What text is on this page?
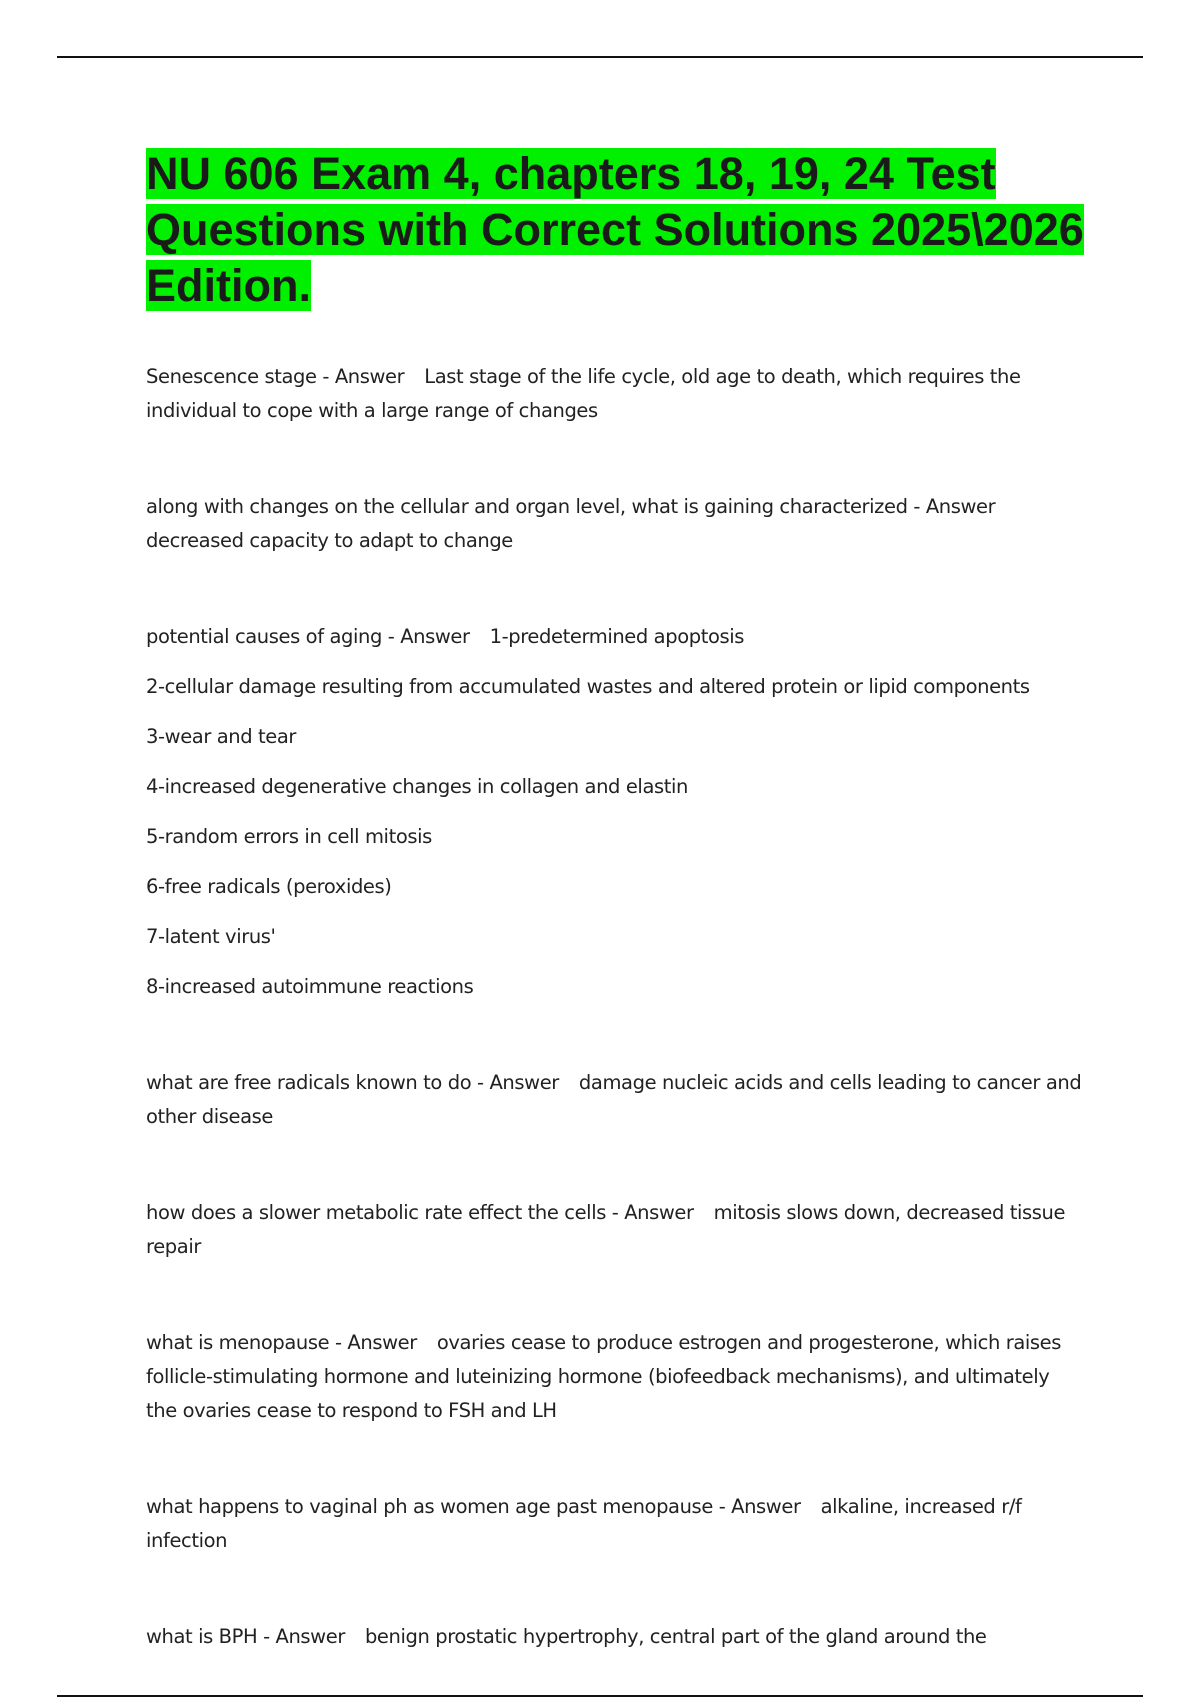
NU 606 Exam 4, chapters 18, 19, 24 Test Questions with Correct Solutions 2025\2026 Edition.

Senescence stage - Answer Last stage of the life cycle, old age to death, which requires the individual to cope with a large range of changes

along with changes on the cellular and organ level, what is gaining characterized - Answerdecreased capacity to adapt to change

potential causes of aging - Answer 1-predetermined apoptosis

2-cellular damage resulting from accumulated wastes and altered protein or lipid components

3-wear and tear

4-increased degenerative changes in collagen and elastin

5-random errors in cell mitosis

6-free radicals (peroxides)

7-latent virus'

8-increased autoimmune reactions

what are free radicals known to do - Answer damage nucleic acids and cells leading to cancer and other disease

how does a slower metabolic rate effect the cells - Answer mitosis slows down, decreased tissue repair

what is menopause - Answer ovaries cease to produce estrogen and progesterone, which raises follicle-stimulating hormone and luteinizing hormone (biofeedback mechanisms), and ultimately the ovaries cease to respond to FSH and LH

what happens to vaginal ph as women age past menopause - Answer alkaline, increased r/f infection

what is BPH - Answer benign prostatic hypertrophy, central part of the gland around the
